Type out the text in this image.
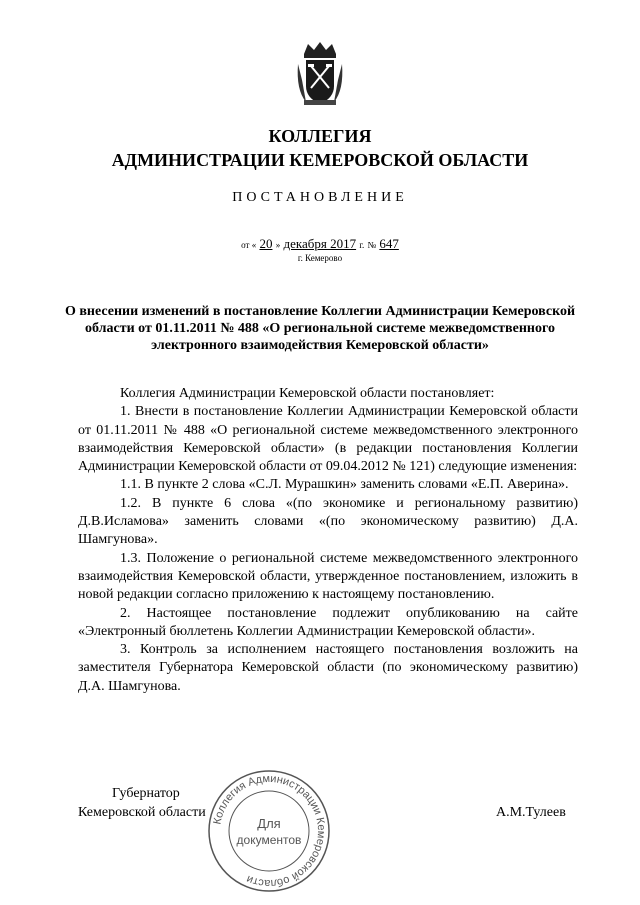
КОЛЛЕГИЯ
АДМИНИСТРАЦИИ КЕМЕРОВСКОЙ ОБЛАСТИ
ПОСТАНОВЛЕНИЕ
от « 20 » декабря 2017 г. № 647
г. Кемерово
О внесении изменений в постановление Коллегии Администрации Кемеровской области от 01.11.2011 № 488 «О региональной системе межведомственного электронного взаимодействия Кемеровской области»

Коллегия Администрации Кемеровской области постановляет:

1. Внести в постановление Коллегии Администрации Кемеровской области от 01.11.2011 № 488 «О региональной системе межведомственного электронного взаимодействия Кемеровской области» (в редакции постановления Коллегии Администрации Кемеровской области от 09.04.2012 № 121) следующие изменения:

1.1. В пункте 2 слова «С.Л. Мурашкин» заменить словами «Е.П. Аверина».

1.2. В пункте 6 слова «(по экономике и региональному развитию) Д.В.Исламова» заменить словами «(по экономическому развитию) Д.А. Шамгунова».

1.3. Положение о региональной системе межведомственного электронного взаимодействия Кемеровской области, утвержденное постановлением, изложить в новой редакции согласно приложению к настоящему постановлению.

2. Настоящее постановление подлежит опубликованию на сайте «Электронный бюллетень Коллегии Администрации Кемеровской области».

3. Контроль за исполнением настоящего постановления возложить на заместителя Губернатора Кемеровской области (по экономическому развитию) Д.А. Шамгунова.

Губернатор
Кемеровской области	А.М.Тулеев
Коллегия Администрации Кемеровской области
Для
документов
